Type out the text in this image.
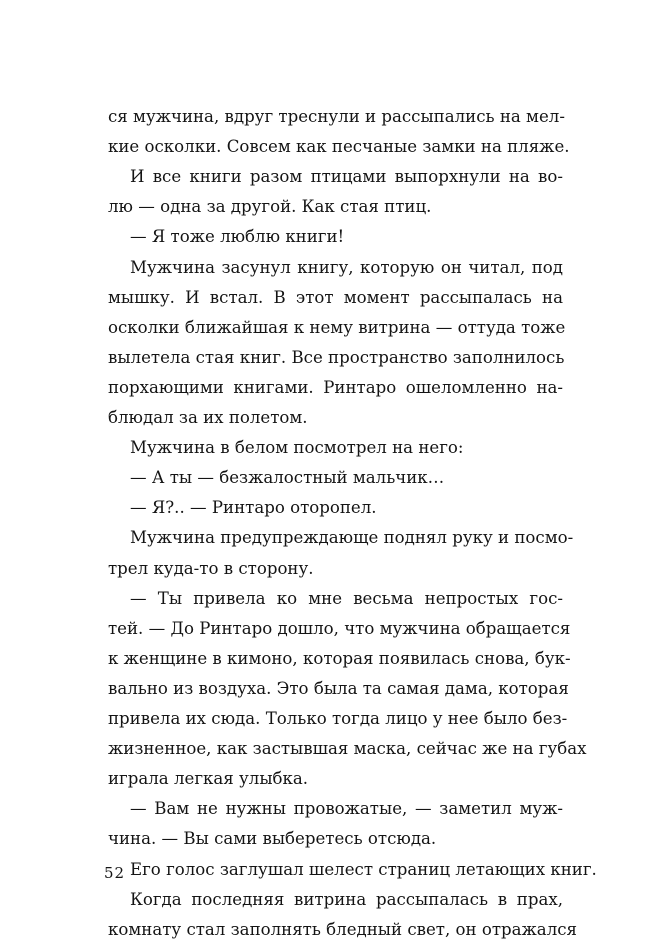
ся мужчина, вдруг треснули и рассыпались на мел-
кие осколки. Совсем как песчаные замки на пляже.
И все книги разом птицами выпорхнули на во-
лю — одна за другой. Как стая птиц.
— Я тоже люблю книги!
Мужчина засунул книгу, которую он читал, под
мышку. И встал. В этот момент рассыпалась на
осколки ближайшая к нему витрина — оттуда тоже
вылетела стая книг. Все пространство заполнилось
порхающими книгами. Ринтаро ошеломленно на-
блюдал за их полетом.
Мужчина в белом посмотрел на него:
— А ты — безжалостный мальчик…
— Я?.. — Ринтаро оторопел.
Мужчина предупреждающе поднял руку и посмо-
трел куда-то в сторону.
— Ты привела ко мне весьма непростых гос-
тей. — До Ринтаро дошло, что мужчина обращается
к женщине в кимоно, которая появилась снова, бук-
вально из воздуха. Это была та самая дама, которая
привела их сюда. Только тогда лицо у нее было без-
жизненное, как застывшая маска, сейчас же на губах
играла легкая улыбка.
— Вам не нужны провожатые, — заметил муж-
чина. — Вы сами выберетесь отсюда.
Его голос заглушал шелест страниц летающих книг.
Когда последняя витрина рассыпалась в прах,
комнату стал заполнять бледный свет, он отражался
52
